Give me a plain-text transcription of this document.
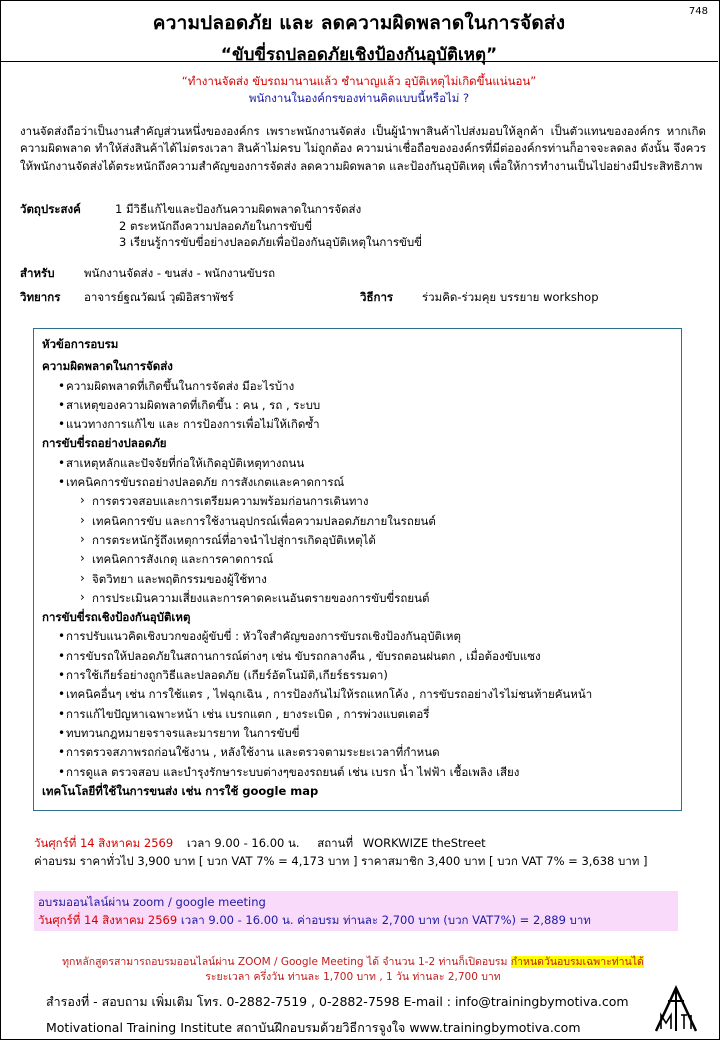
748
ความปลอดภัย และ ลดความผิดพลาดในการจัดส่ง
“ขับขี่รถปลอดภัยเชิงป้องกันอุบัติเหตุ”
“ทำงานจัดส่ง ขับรถมานานแล้ว ชำนาญแล้ว อุบัติเหตุไม่เกิดขึ้นแน่นอน”
พนักงานในองค์กรของท่านคิดแบบนี้หรือไม่ ?
งานจัดส่งถือว่าเป็นงานสำคัญส่วนหนึ่งขององค์กร เพราะพนักงานจัดส่ง เป็นผู้นำพาสินค้าไปส่งมอบให้ลูกค้า เป็นตัวแทนขององค์กร หากเกิดความผิดพลาด ทำให้ส่งสินค้าได้ไม่ตรงเวลา สินค้าไม่ครบ ไม่ถูกต้อง ความน่าเชื่อถือขององค์กรที่มีต่อองค์กรท่านก็อาจจะลดลง ดังนั้น จึงควรให้พนักงานจัดส่งได้ตระหนักถึงความสำคัญของการจัดส่ง ลดความผิดพลาด และป้องกันอุบัติเหตุ เพื่อให้การทำงานเป็นไปอย่างมีประสิทธิภาพ
วัตถุประสงค์	1 มีวิธีแก้ไขและป้องกันความผิดพลาดในการจัดส่ง
2 ตระหนักถึงความปลอดภัยในการขับขี่
3 เรียนรู้การขับขี่อย่างปลอดภัยเพื่อป้องกันอุบัติเหตุในการขับขี่
สำหรับ	พนักงานจัดส่ง - ขนส่ง - พนักงานขับรถ
วิทยากร อาจารย์ฐณวัฒน์ วุฒิอิสราพัชร์	วิธีการ	ร่วมคิด-ร่วมคุย บรรยาย workshop
หัวข้อการอบรม
ความผิดพลาดในการจัดส่ง
• ความผิดพลาดที่เกิดขึ้นในการจัดส่ง มีอะไรบ้าง
• สาเหตุของความผิดพลาดที่เกิดขึ้น : คน , รถ , ระบบ
• แนวทางการแก้ไข และ การป้องการเพื่อไม่ให้เกิดซ้ำ
การขับขี่รถอย่างปลอดภัย
• สาเหตุหลักและปัจจัยที่ก่อให้เกิดอุบัติเหตุทางถนน
• เทคนิคการขับรถอย่างปลอดภัย การสังเกตและคาดการณ์
› การตรวจสอบและการเตรียมความพร้อมก่อนการเดินทาง
› เทคนิคการขับ และการใช้งานอุปกรณ์เพื่อความปลอดภัยภายในรถยนต์
› การตระหนักรู้ถึงเหตุการณ์ที่อาจนำไปสู่การเกิดอุบัติเหตุได้
› เทคนิคการสังเกตุ และการคาดการณ์
› จิตวิทยา และพฤติกรรมของผู้ใช้ทาง
› การประเมินความเสี่ยงและการคาดคะเนอันตรายของการขับขี่รถยนต์
การขับขี่รถเชิงป้องกันอุบัติเหตุ
• การปรับแนวคิดเชิงบวกของผู้ขับขี่ : หัวใจสำคัญของการขับรถเชิงป้องกันอุบัติเหตุ
• การขับรถให้ปลอดภัยในสถานการณ์ต่างๆ เช่น ขับรถกลางคืน , ขับรถตอนฝนตก , เมื่อต้องขับแซง
• การใช้เกียร์อย่างถูกวิธีและปลอดภัย (เกียร์อัตโนมัติ,เกียร์ธรรมดา)
• เทคนิคอื่นๆ เช่น การใช้แตร , ไฟฉุกเฉิน , การป้องกันไม่ให้รถแหกโค้ง , การขับรถอย่างไรไม่ชนท้ายคันหน้า
• การแก้ไขปัญหาเฉพาะหน้า เช่น เบรกแตก , ยางระเบิด , การพ่วงแบตเตอรี่
• ทบทวนกฎหมายจราจรและมารยาท ในการขับขี่
• การตรวจสภาพรถก่อนใช้งาน , หลังใช้งาน และตรวจตามระยะเวลาที่กำหนด
• การดูแล ตรวจสอบ และบำรุงรักษาระบบต่างๆของรถยนต์ เช่น เบรก น้ำ ไฟฟ้า เชื้อเพลิง เสียง
เทคโนโลยีที่ใช้ในการขนส่ง เช่น การใช้ google map
วันศุกร์ที่ 14 สิงหาคม 2569 เวลา 9.00 - 16.00 น. สถานที่ WORKWIZE theStreet
ค่าอบรม ราคาทั่วไป 3,900 บาท [ บวก VAT 7% = 4,173 บาท ] ราคาสมาชิก 3,400 บาท [ บวก VAT 7% = 3,638 บาท ]
อบรมออนไลน์ผ่าน zoom / google meeting
วันศุกร์ที่ 14 สิงหาคม 2569 เวลา 9.00 - 16.00 น. ค่าอบรม ท่านละ 2,700 บาท (บวก VAT7%) = 2,889 บาท
ทุกหลักสูตรสามารถอบรมออนไลน์ผ่าน ZOOM / Google Meeting ได้ จำนวน 1-2 ท่านก็เปิดอบรม กำหนดวันอบรมเฉพาะท่านได้
ระยะเวลา ครึ่งวัน ท่านละ 1,700 บาท , 1 วัน ท่านละ 2,700 บาท
สำรองที่ - สอบถาม เพิ่มเติม โทร. 0-2882-7519 , 0-2882-7598 E-mail : info@trainingbymotiva.com
Motivational Training Institute สถาบันฝึกอบรมด้วยวิธีการจูงใจ www.trainingbymotiva.com
